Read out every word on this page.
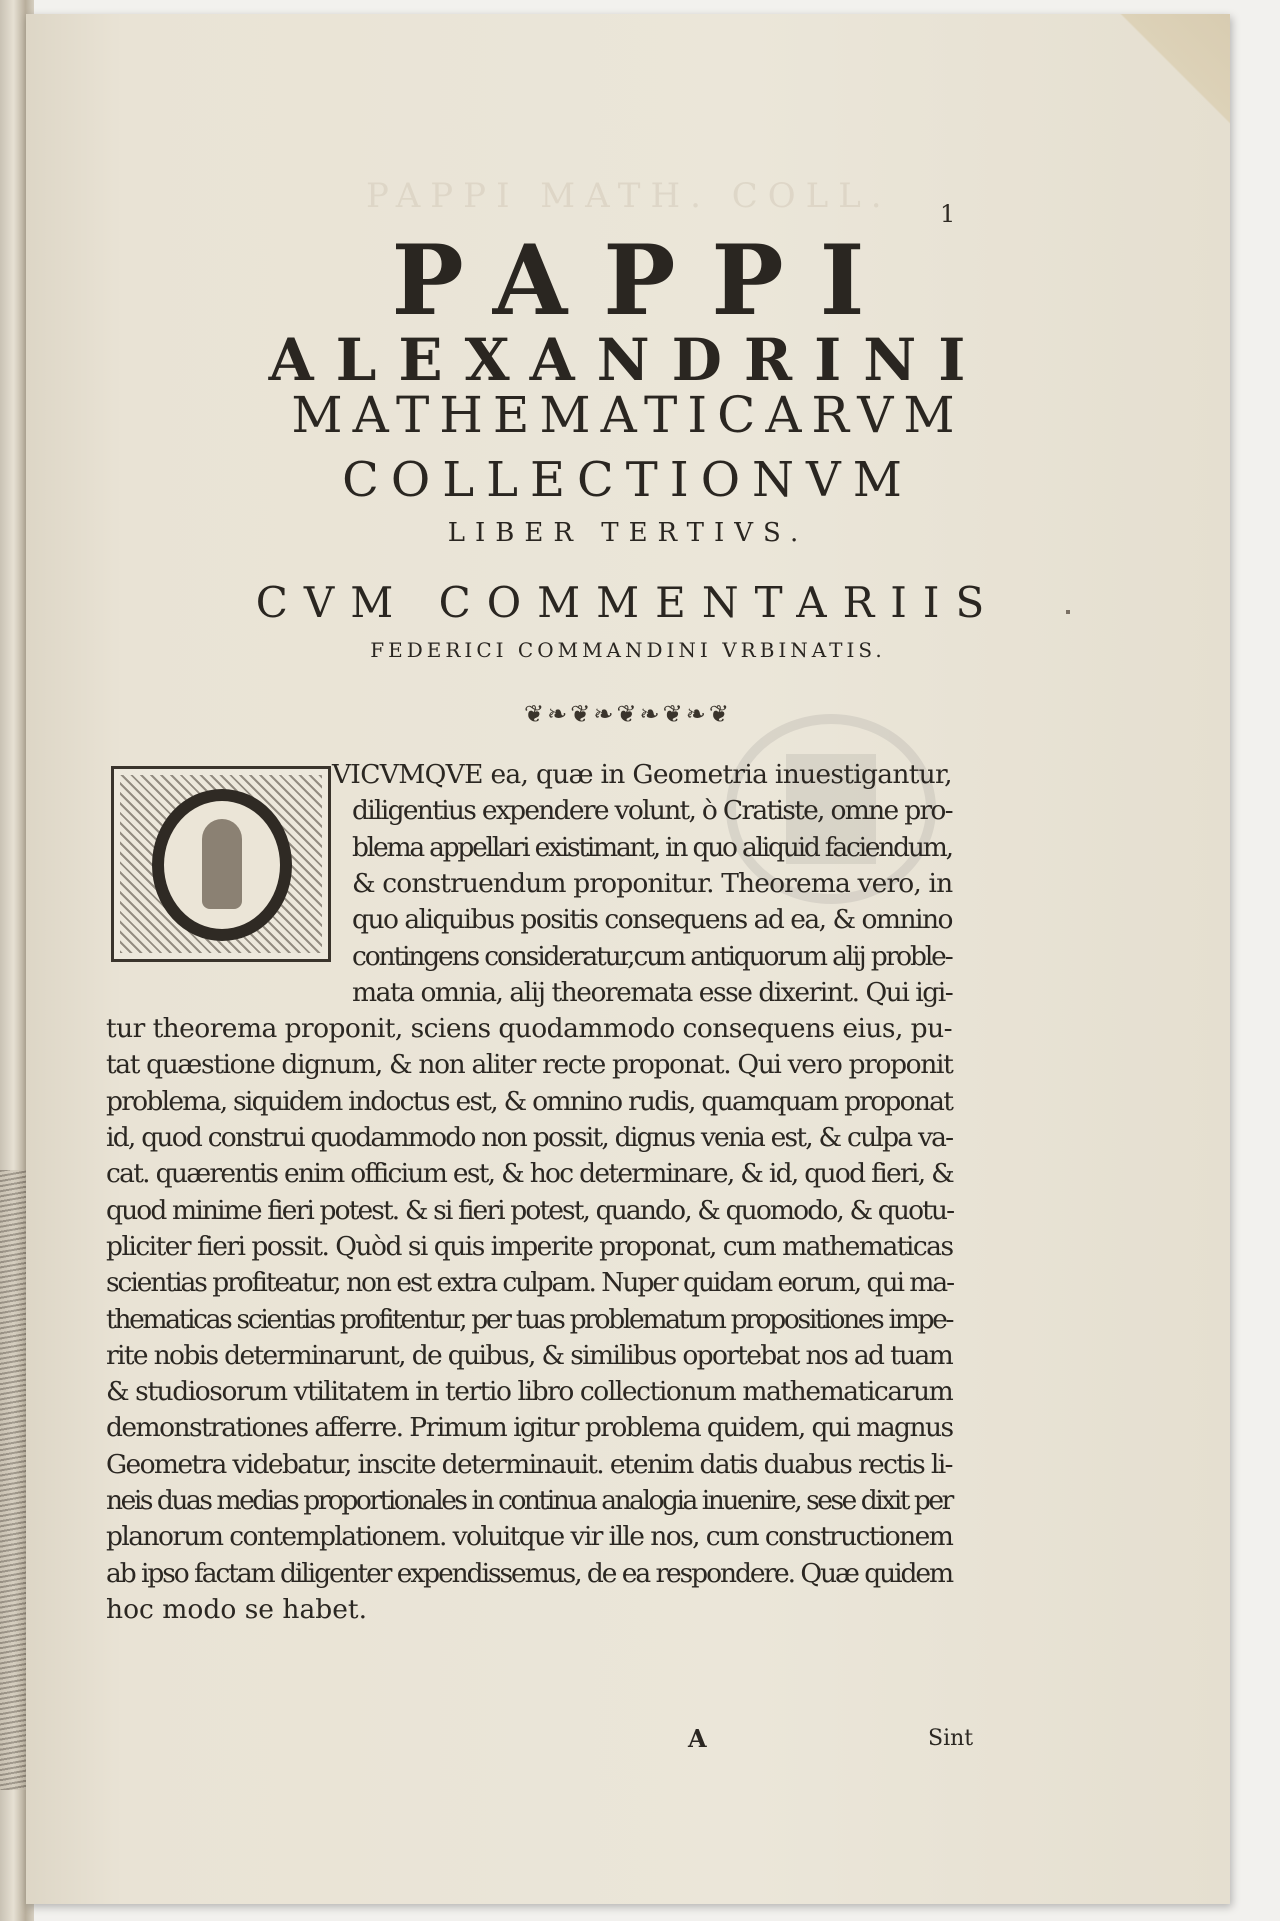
PAPPI MATH. COLL. 1
PAPPI
ALEXANDRINI
MATHEMATICARVM
COLLECTIONVM
LIBER TERTIVS.
CVM COMMENTARIIS
FEDERICI COMMANDINI VRBINATIS.
❦❧❦❧❦❧❦❧❦
VICVMQVE ea, quæ in Geometria inuestigantur,
diligentius expendere volunt, ò Cratiste, omne pro-
blema appellari existimant, in quo aliquid faciendum,
& construendum proponitur. Theorema vero, in
quo aliquibus positis consequens ad ea, & omnino
contingens consideratur,cum antiquorum alij proble-
mata omnia, alij theoremata esse dixerint. Qui igi-
tur theorema proponit, sciens quodammodo consequens eius, pu-
tat quæstione dignum, & non aliter recte proponat. Qui vero proponit
problema, siquidem indoctus est, & omnino rudis, quamquam proponat
id, quod construi quodammodo non possit, dignus venia est, & culpa va-
cat. quærentis enim officium est, & hoc determinare, & id, quod fieri, &
quod minime fieri potest. & si fieri potest, quando, & quomodo, & quotu-
pliciter fieri possit. Quòd si quis imperite proponat, cum mathematicas
scientias profiteatur, non est extra culpam. Nuper quidam eorum, qui ma-
thematicas scientias profitentur, per tuas problematum propositiones impe-
rite nobis determinarunt, de quibus, & similibus oportebat nos ad tuam
& studiosorum vtilitatem in tertio libro collectionum mathematicarum
demonstrationes afferre. Primum igitur problema quidem, qui magnus
Geometra videbatur, inscite determinauit. etenim datis duabus rectis li-
neis duas medias proportionales in continua analogia inuenire, sese dixit per
planorum contemplationem. voluitque vir ille nos, cum constructionem
ab ipso factam diligenter expendissemus, de ea respondere. Quæ quidem
hoc modo se habet.
A	Sint
